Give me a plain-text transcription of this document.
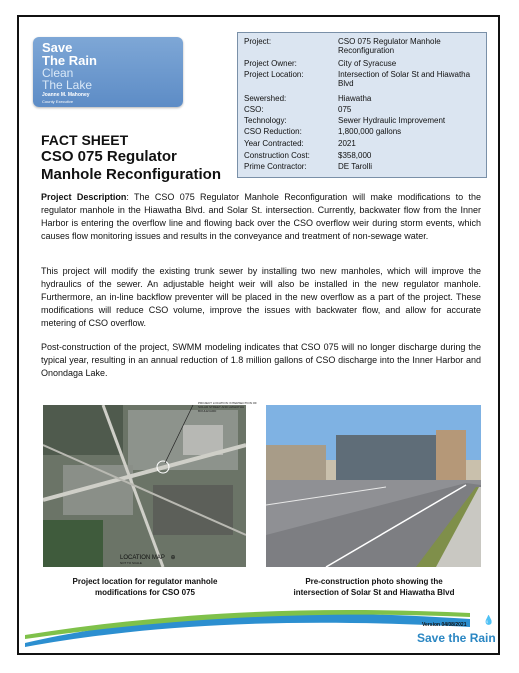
Save
The Rain
Clean
The Lake
Joanne M. Mahoney
County Executive
FACT SHEET
CSO 075 Regulator Manhole Reconfiguration
Project:	CSO 075 Regulator Manhole Reconfiguration
Project Owner:	City of Syracuse
Project Location:	Intersection of Solar St and Hiawatha Blvd
Sewershed:	Hiawatha
CSO:	075
Technology:	Sewer Hydraulic Improvement
CSO Reduction:	1,800,000 gallons
Year Contracted:	2021
Construction Cost:	$358,000
Prime Contractor:	DE Tarolli
Project Description: The CSO 075 Regulator Manhole Reconfiguration will make modifications to the regulator manhole in the Hiawatha Blvd. and Solar St. intersection. Currently, backwater flow from the Inner Harbor is entering the overflow line and flowing back over the CSO overflow weir during storm events, which causes flow monitoring issues and results in the conveyance and treatment of non-sewage water.
This project will modify the existing trunk sewer by installing two new manholes, which will improve the hydraulics of the sewer. An adjustable height weir will also be installed in the new regulator manhole. Furthermore, an in-line backflow preventer will be placed in the new overflow as a part of the project. These modifications will reduce CSO volume, improve the issues with backwater flow, and allow for accurate metering of CSO overflow.
Post-construction of the project, SWMM modeling indicates that CSO 075 will no longer discharge during the typical year, resulting in an annual reduction of 1.8 million gallons of CSO discharge into the Inner Harbor and Onondaga Lake.
PROJECT LOCATION: INTERSECTION OF SOLAR STREET AND HIAWATHA BOULEVARD
LOCATION MAP ⊕
NOT TO SCALE
Project location for regulator manhole modifications for CSO 075
Pre-construction photo showing the intersection of Solar St and Hiawatha Blvd
Version 04/08/2021
Save the Rain
💧
